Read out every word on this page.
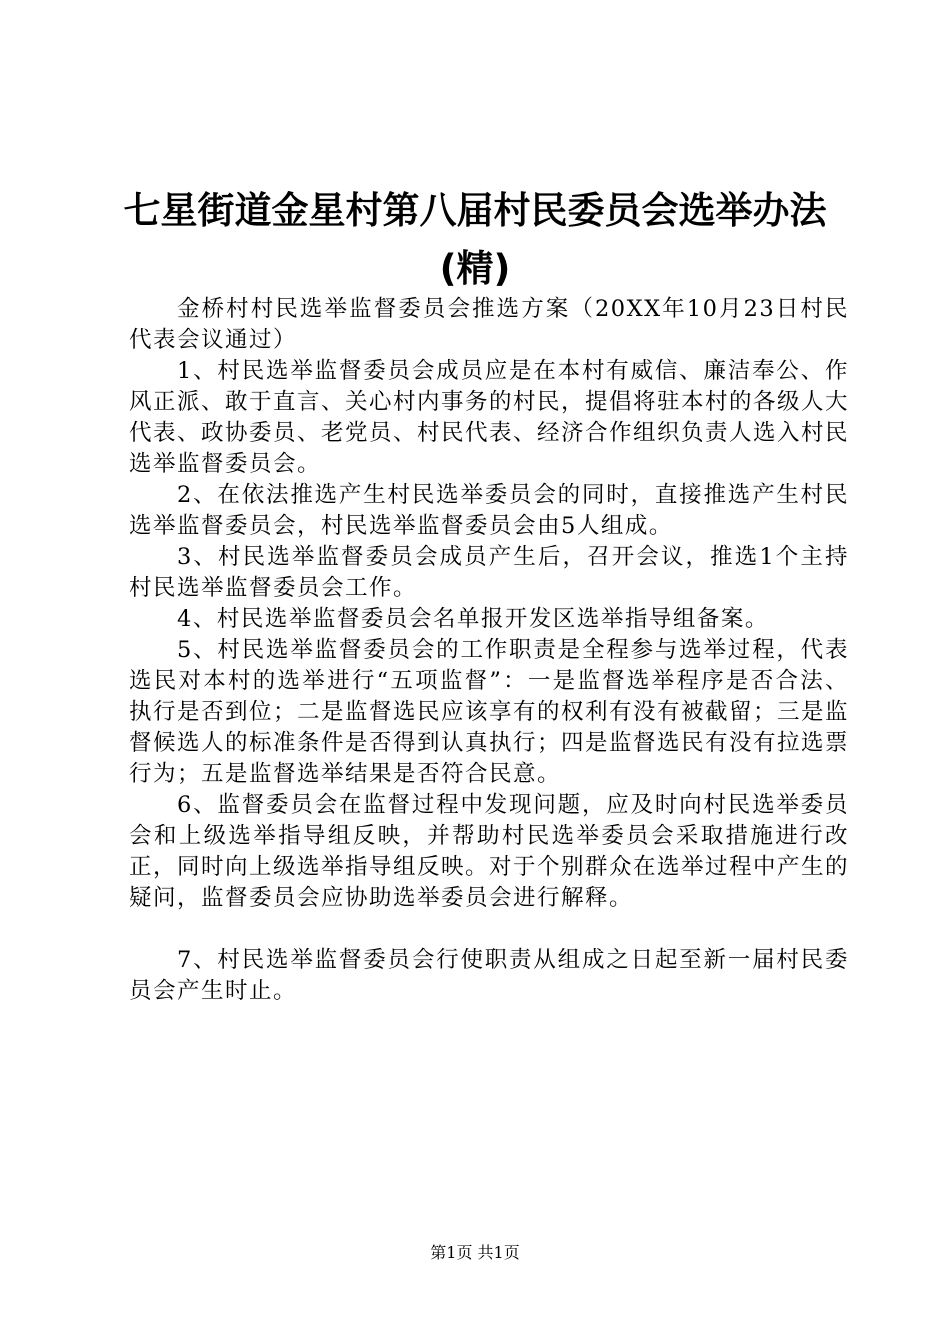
七星街道金星村第八届村民委员会选举办法
(精)

金桥村村民选举监督委员会推选方案（20XX年10月23日村民代表会议通过）

1、村民选举监督委员会成员应是在本村有威信、廉洁奉公、作风正派、敢于直言、关心村内事务的村民，提倡将驻本村的各级人大代表、政协委员、老党员、村民代表、经济合作组织负责人选入村民选举监督委员会。

2、在依法推选产生村民选举委员会的同时，直接推选产生村民选举监督委员会，村民选举监督委员会由5人组成。

3、村民选举监督委员会成员产生后，召开会议，推选1个主持村民选举监督委员会工作。

4、村民选举监督委员会名单报开发区选举指导组备案。

5、村民选举监督委员会的工作职责是全程参与选举过程，代表选民对本村的选举进行“五项监督”：一是监督选举程序是否合法、执行是否到位；二是监督选民应该享有的权利有没有被截留；三是监督候选人的标准条件是否得到认真执行；四是监督选民有没有拉选票行为；五是监督选举结果是否符合民意。

6、监督委员会在监督过程中发现问题，应及时向村民选举委员会和上级选举指导组反映，并帮助村民选举委员会采取措施进行改正，同时向上级选举指导组反映。对于个别群众在选举过程中产生的疑问，监督委员会应协助选举委员会进行解释。

7、村民选举监督委员会行使职责从组成之日起至新一届村民委员会产生时止。

第1页 共1页
